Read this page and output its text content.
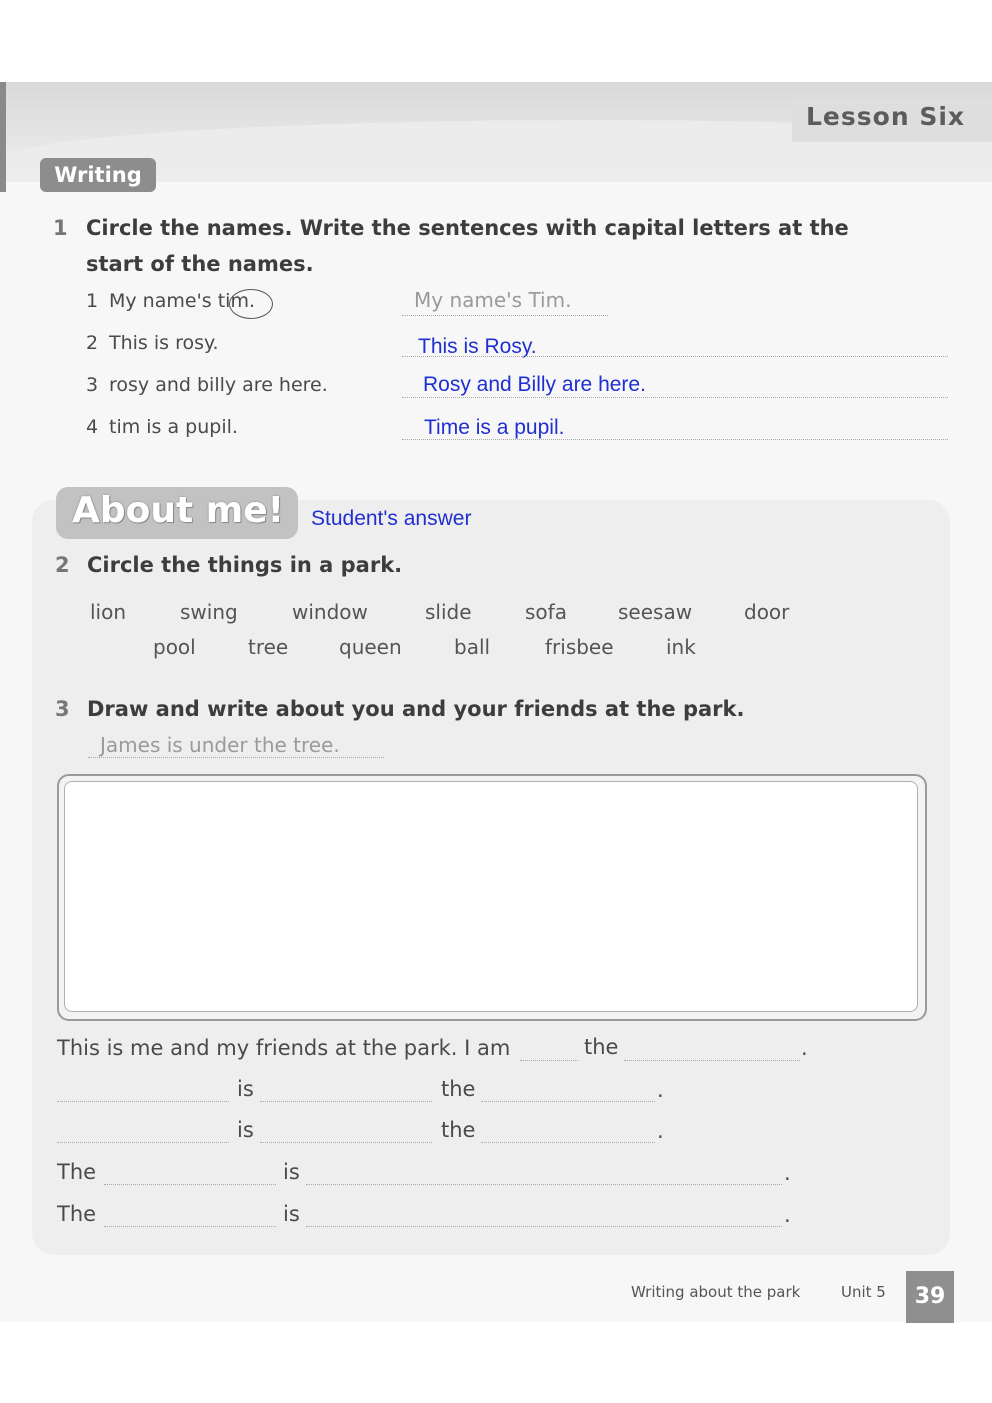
Lesson Six
Writing
1 Circle the names. Write the sentences with capital letters at the
start of the names.
1 My name's tim.	My name's Tim.
2 This is rosy.	This is Rosy.
3 rosy and billy are here.	Rosy and Billy are here.
4 tim is a pupil.	Time is a pupil.
About me! Student's answer
2 Circle the things in a park.
lion	swing	window	slide	sofa	seesaw	door
pool	tree	queen	ball	frisbee	ink
3 Draw and write about you and your friends at the park.
James is under the tree.
This is me and my friends at the park. I am	the	.
is	the	.
is	the	.
The	is	.
The	is	.
Writing about the park	Unit 5	39
